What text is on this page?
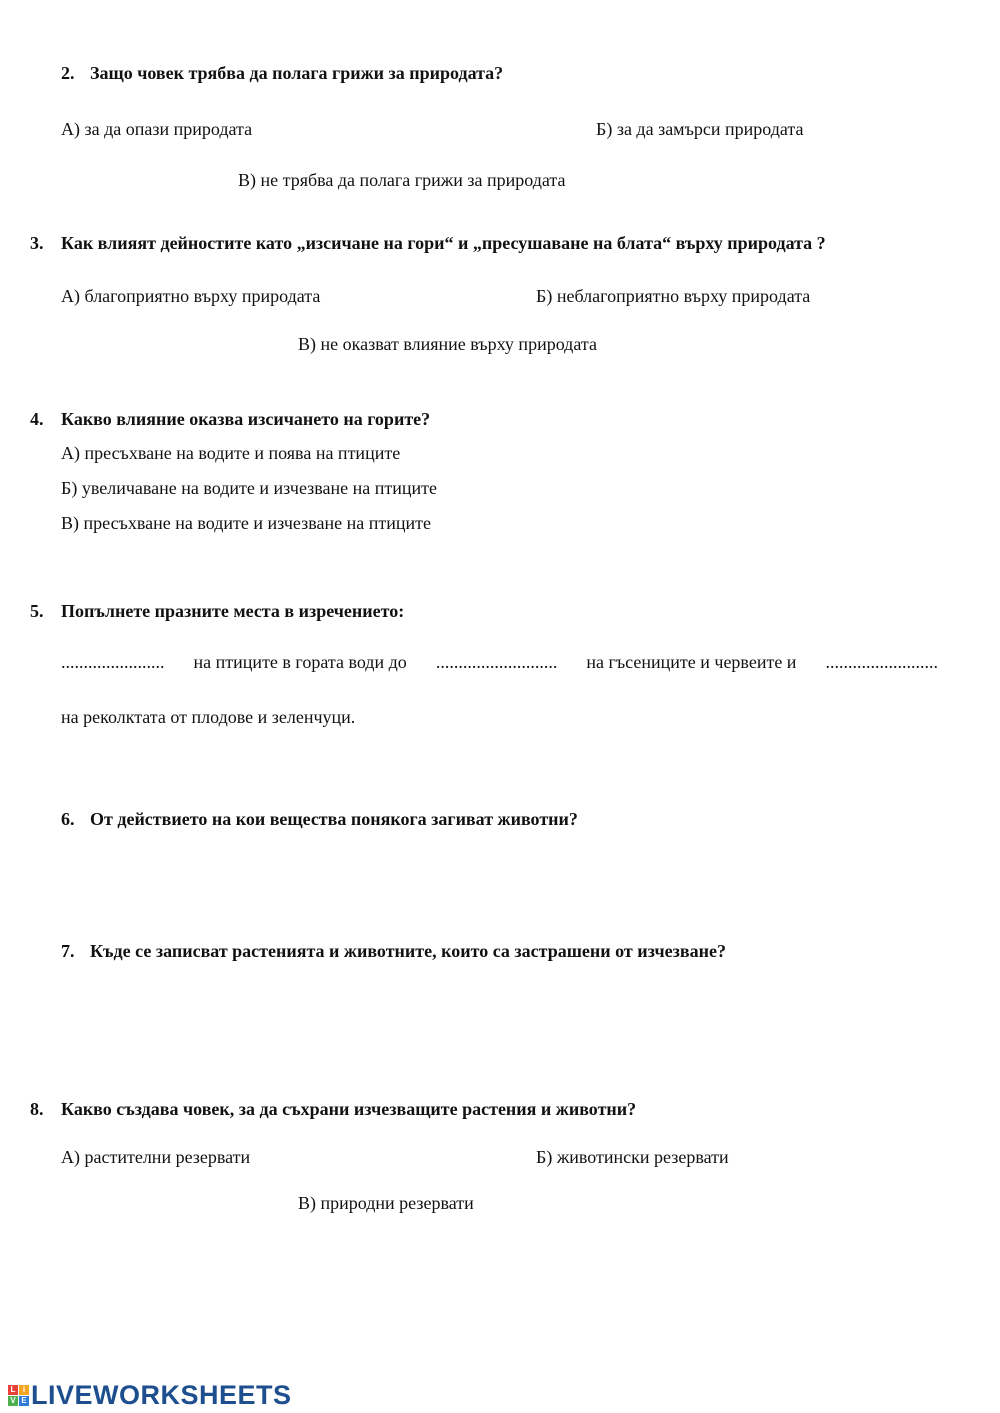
2. Защо човек трябва да полага грижи за природата?
А) за да опази природата	Б) за да замърси природата
В) не трябва да полага грижи за природата
3. Как влияят дейностите като „изсичане на гори“ и „пресушаване на блата“ върху природата ?
А) благоприятно върху природата	Б) неблагоприятно върху природата
В) не оказват влияние върху природата
4. Какво влияние оказва изсичането на горите?
А) пресъхване на водите и поява на птиците
Б) увеличаване на водите и изчезване на птиците
В) пресъхване на водите и изчезване на птиците
5. Попълнете празните места в изречението:
....................... на птиците в гората води до ........................... на гъсениците и червеите и .........................
на реколктата от плодове и зеленчуци.
6. От действието на кои вещества понякога загиват животни?
7. Къде се записват растенията и животните, които са застрашени от изчезване?
8. Какво създава човек, за да съхрани изчезващите растения и животни?
А) растителни резервати	Б) животински резервати
В) природни резервати
L i
V E LIVEWORKSHEETS
